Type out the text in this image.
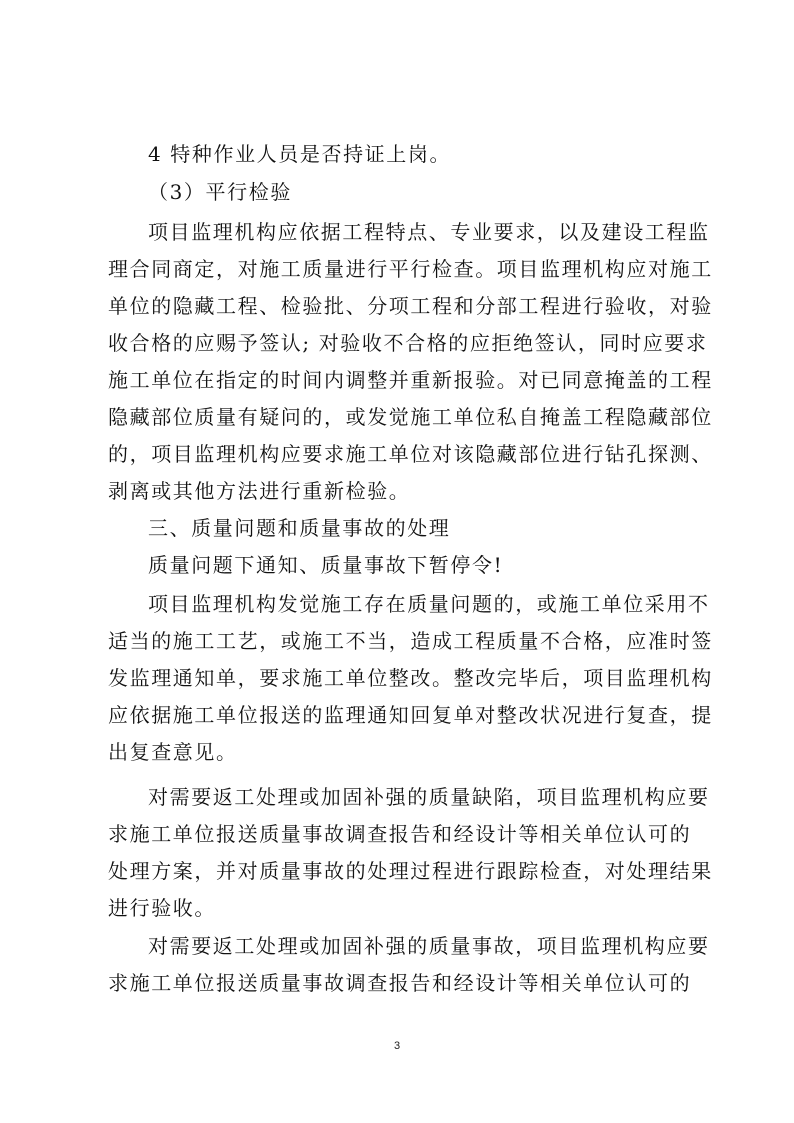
4 特种作业人员是否持证上岗。
（3）平行检验
项目监理机构应依据工程特点、专业要求，以及建设工程监
理合同商定，对施工质量进行平行检查。项目监理机构应对施工
单位的隐藏工程、检验批、分项工程和分部工程进行验收，对验
收合格的应赐予签认; 对验收不合格的应拒绝签认，同时应要求
施工单位在指定的时间内调整并重新报验。对已同意掩盖的工程
隐藏部位质量有疑问的，或发觉施工单位私自掩盖工程隐藏部位
的，项目监理机构应要求施工单位对该隐藏部位进行钻孔探测、
剥离或其他方法进行重新检验。
三、质量问题和质量事故的处理
质量问题下通知、质量事故下暂停令!
项目监理机构发觉施工存在质量问题的，或施工单位采用不
适当的施工工艺，或施工不当，造成工程质量不合格，应准时签
发监理通知单，要求施工单位整改。整改完毕后，项目监理机构
应依据施工单位报送的监理通知回复单对整改状况进行复查，提
出复查意见。
对需要返工处理或加固补强的质量缺陷，项目监理机构应要
求施工单位报送质量事故调查报告和经设计等相关单位认可的
处理方案，并对质量事故的处理过程进行跟踪检查，对处理结果
进行验收。
对需要返工处理或加固补强的质量事故，项目监理机构应要
求施工单位报送质量事故调查报告和经设计等相关单位认可的
3
